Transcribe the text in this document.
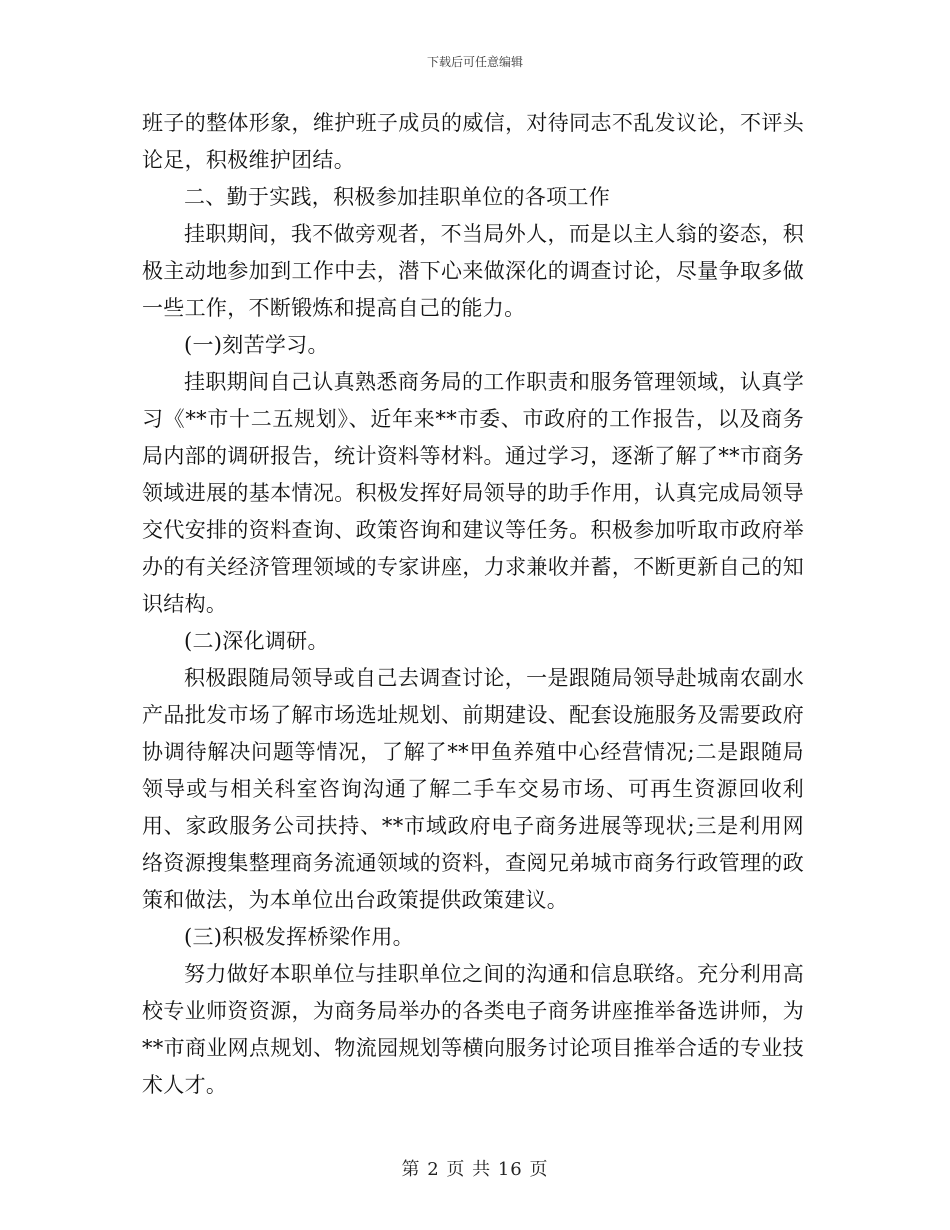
下载后可任意编辑

班子的整体形象，维护班子成员的威信，对待同志不乱发议论，不评头论足，积极维护团结。

二、勤于实践，积极参加挂职单位的各项工作

挂职期间，我不做旁观者，不当局外人，而是以主人翁的姿态，积极主动地参加到工作中去，潜下心来做深化的调查讨论，尽量争取多做一些工作，不断锻炼和提高自己的能力。

(一)刻苦学习。

挂职期间自己认真熟悉商务局的工作职责和服务管理领域，认真学习《**市十二五规划》、近年来**市委、市政府的工作报告，以及商务局内部的调研报告，统计资料等材料。通过学习，逐渐了解了**市商务领域进展的基本情况。积极发挥好局领导的助手作用，认真完成局领导交代安排的资料查询、政策咨询和建议等任务。积极参加听取市政府举办的有关经济管理领域的专家讲座，力求兼收并蓄，不断更新自己的知识结构。

(二)深化调研。

积极跟随局领导或自己去调查讨论，一是跟随局领导赴城南农副水产品批发市场了解市场选址规划、前期建设、配套设施服务及需要政府协调待解决问题等情况，了解了**甲鱼养殖中心经营情况;二是跟随局领导或与相关科室咨询沟通了解二手车交易市场、可再生资源回收利用、家政服务公司扶持、**市域政府电子商务进展等现状;三是利用网络资源搜集整理商务流通领域的资料，查阅兄弟城市商务行政管理的政策和做法，为本单位出台政策提供政策建议。

(三)积极发挥桥梁作用。

努力做好本职单位与挂职单位之间的沟通和信息联络。充分利用高校专业师资资源，为商务局举办的各类电子商务讲座推举备选讲师，为**市商业网点规划、物流园规划等横向服务讨论项目推举合适的专业技术人才。

第 2 页 共 16 页
